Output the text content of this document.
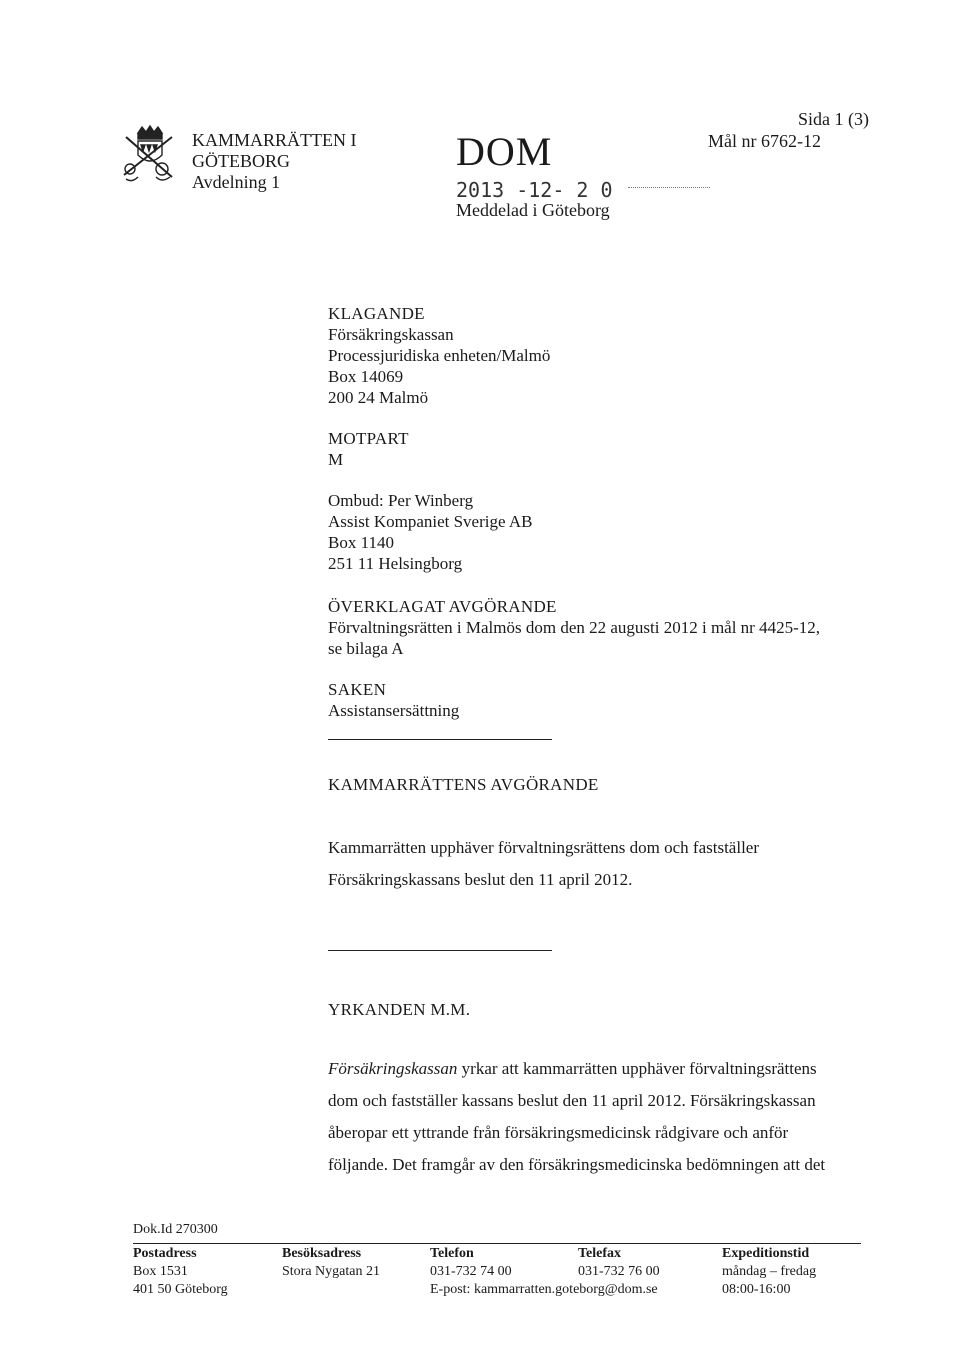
KAMMARRÄTTEN I
GÖTEBORG
Avdelning 1
DOM
2013 -12- 2 0
Meddelad i Göteborg
Sida 1 (3)
Mål nr 6762-12
KLAGANDE
Försäkringskassan
Processjuridiska enheten/Malmö
Box 14069
200 24 Malmö
MOTPART
M
Ombud: Per Winberg
Assist Kompaniet Sverige AB
Box 1140
251 11 Helsingborg
ÖVERKLAGAT AVGÖRANDE
Förvaltningsrätten i Malmös dom den 22 augusti 2012 i mål nr 4425-12,
se bilaga A
SAKEN
Assistansersättning
KAMMARRÄTTENS AVGÖRANDE
Kammarrätten upphäver förvaltningsrättens dom och fastställer
Försäkringskassans beslut den 11 april 2012.
YRKANDEN M.M.
Försäkringskassan yrkar att kammarrätten upphäver förvaltningsrättens
dom och fastställer kassans beslut den 11 april 2012. Försäkringskassan
åberopar ett yttrande från försäkringsmedicinsk rådgivare och anför
följande. Det framgår av den försäkringsmedicinska bedömningen att det
Dok.Id 270300
Postadress
Box 1531
401 50 Göteborg
Besöksadress
Stora Nygatan 21
Telefon
031-732 74 00
E-post: kammarratten.goteborg@dom.se
Telefax
031-732 76 00
Expeditionstid
måndag – fredag
08:00-16:00
